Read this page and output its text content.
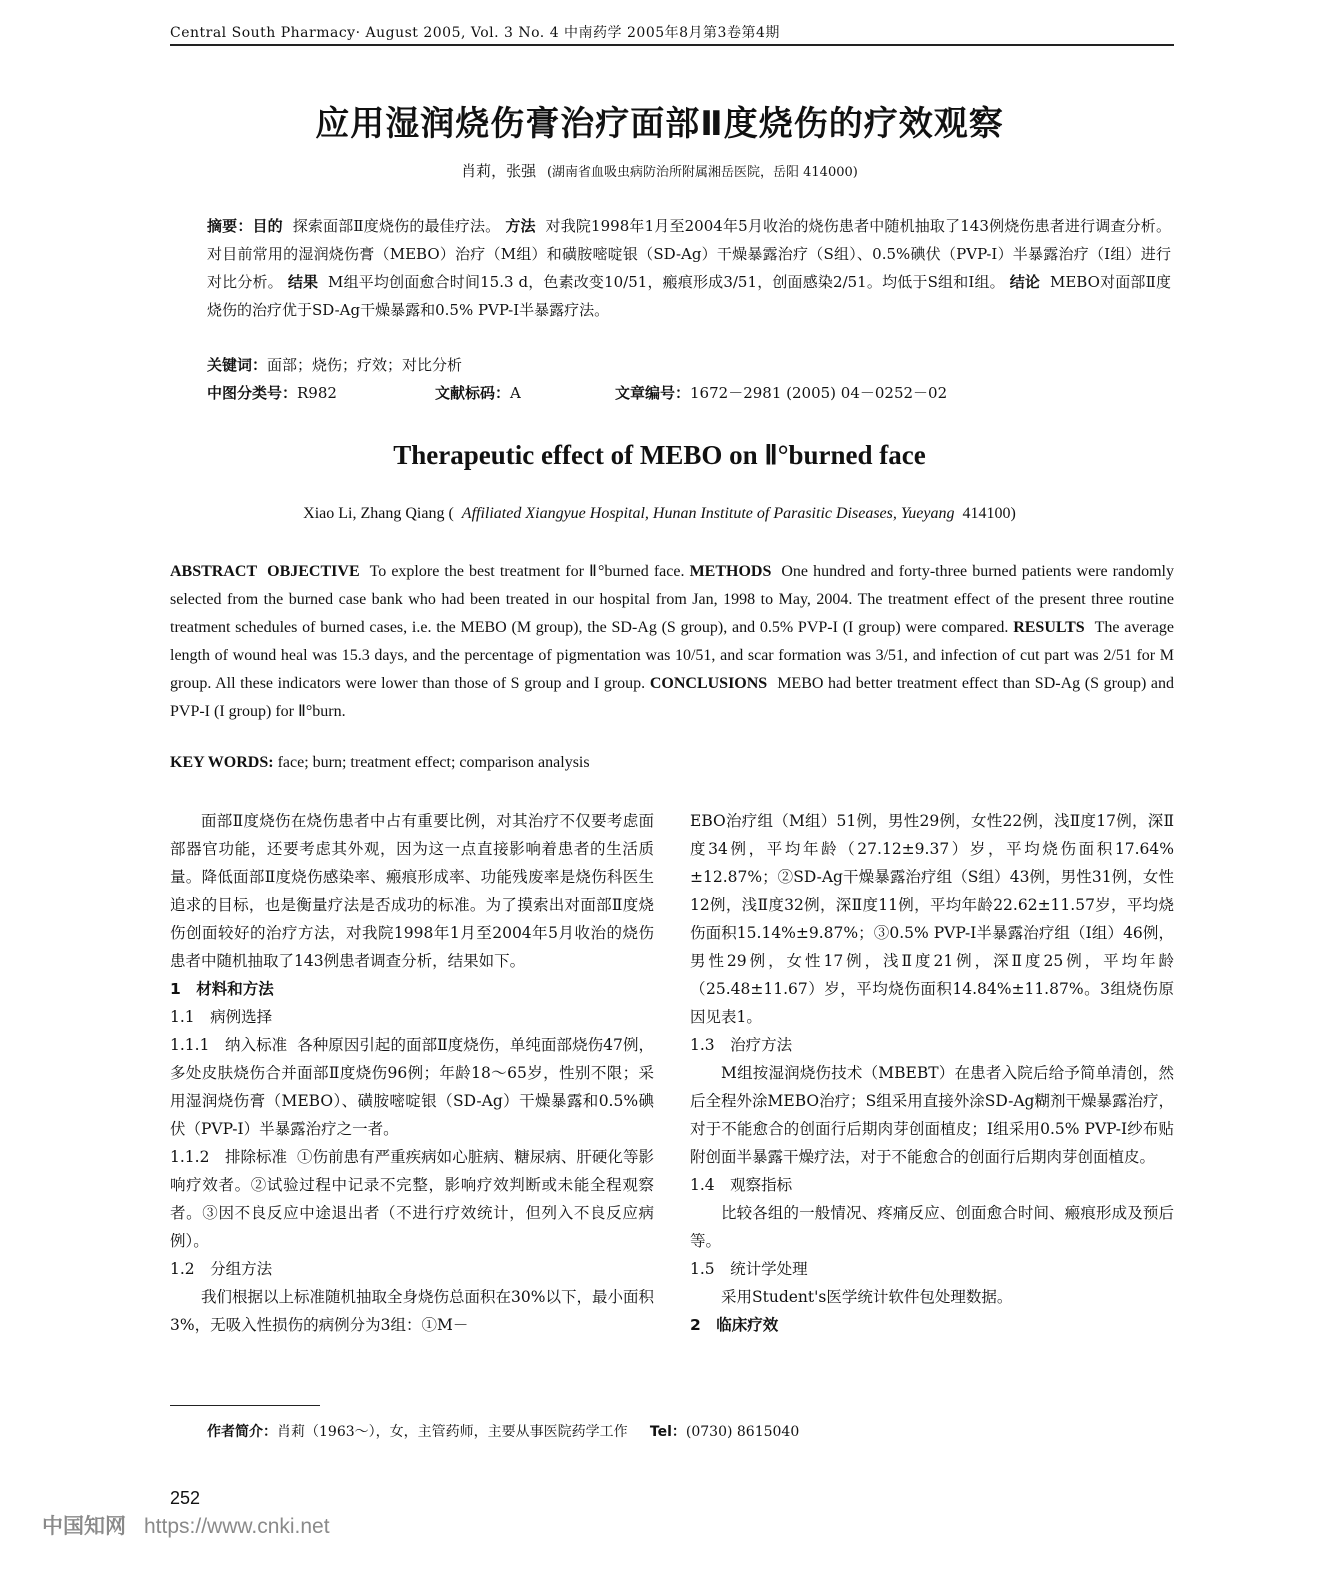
Central South Pharmacy· August 2005, Vol. 3 No. 4 中南药学 2005年8月第3卷第4期
应用湿润烧伤膏治疗面部Ⅱ度烧伤的疗效观察
肖莉，张强 (湖南省血吸虫病防治所附属湘岳医院，岳阳 414000)
摘要：目的 探索面部Ⅱ度烧伤的最佳疗法。 方法 对我院1998年1月至2004年5月收治的烧伤患者中随机抽取了143例烧伤患者进行调查分析。对目前常用的湿润烧伤膏（MEBO）治疗（M组）和磺胺嘧啶银（SD-Ag）干燥暴露治疗（S组）、0.5%碘伏（PVP-I）半暴露治疗（I组）进行对比分析。 结果 M组平均创面愈合时间15.3 d，色素改变10/51，瘢痕形成3/51，创面感染2/51。均低于S组和I组。 结论 MEBO对面部Ⅱ度烧伤的治疗优于SD-Ag干燥暴露和0.5% PVP-I半暴露疗法。
关键词：面部；烧伤；疗效；对比分析
中图分类号：R982	文献标码：A	文章编号：1672－2981 (2005) 04－0252－02
Therapeutic effect of MEBO on Ⅱ°burned face
Xiao Li, Zhang Qiang ( Affiliated Xiangyue Hospital, Hunan Institute of Parasitic Diseases, Yueyang 414100)
ABSTRACT OBJECTIVE To explore the best treatment for Ⅱ°burned face. METHODS One hundred and forty-three burned patients were randomly selected from the burned case bank who had been treated in our hospital from Jan, 1998 to May, 2004. The treatment effect of the present three routine treatment schedules of burned cases, i.e. the MEBO (M group), the SD-Ag (S group), and 0.5% PVP-I (I group) were compared. RESULTS The average length of wound heal was 15.3 days, and the percentage of pigmentation was 10/51, and scar formation was 3/51, and infection of cut part was 2/51 for M group. All these indicators were lower than those of S group and I group. CONCLUSIONS MEBO had better treatment effect than SD-Ag (S group) and PVP-I (I group) for Ⅱ°burn.
KEY WORDS: face; burn; treatment effect; comparison analysis

面部Ⅱ度烧伤在烧伤患者中占有重要比例，对其治疗不仅要考虑面部器官功能，还要考虑其外观，因为这一点直接影响着患者的生活质量。降低面部Ⅱ度烧伤感染率、瘢痕形成率、功能残废率是烧伤科医生追求的目标，也是衡量疗法是否成功的标准。为了摸索出对面部Ⅱ度烧伤创面较好的治疗方法，对我院1998年1月至2004年5月收治的烧伤患者中随机抽取了143例患者调查分析，结果如下。

1　材料和方法

1.1　病例选择

1.1.1　纳入标准 各种原因引起的面部Ⅱ度烧伤，单纯面部烧伤47例，多处皮肤烧伤合并面部Ⅱ度烧伤96例；年龄18～65岁，性别不限；采用湿润烧伤膏（MEBO）、磺胺嘧啶银（SD-Ag）干燥暴露和0.5%碘伏（PVP-I）半暴露治疗之一者。

1.1.2　排除标准 ①伤前患有严重疾病如心脏病、糖尿病、肝硬化等影响疗效者。②试验过程中记录不完整，影响疗效判断或未能全程观察者。③因不良反应中途退出者（不进行疗效统计，但列入不良反应病例）。

1.2　分组方法

我们根据以上标准随机抽取全身烧伤总面积在30%以下，最小面积3%，无吸入性损伤的病例分为3组：①M－

EBO治疗组（M组）51例，男性29例，女性22例，浅Ⅱ度17例，深Ⅱ度34例，平均年龄（27.12±9.37）岁，平均烧伤面积17.64%±12.87%；②SD-Ag干燥暴露治疗组（S组）43例，男性31例，女性12例，浅Ⅱ度32例，深Ⅱ度11例，平均年龄22.62±11.57岁，平均烧伤面积15.14%±9.87%；③0.5% PVP-I半暴露治疗组（I组）46例，男性29例，女性17例，浅Ⅱ度21例，深Ⅱ度25例，平均年龄（25.48±11.67）岁，平均烧伤面积14.84%±11.87%。3组烧伤原因见表1。

1.3　治疗方法

M组按湿润烧伤技术（MBEBT）在患者入院后给予简单清创，然后全程外涂MEBO治疗；S组采用直接外涂SD-Ag糊剂干燥暴露治疗，对于不能愈合的创面行后期肉芽创面植皮；I组采用0.5% PVP-I纱布贴附创面半暴露干燥疗法，对于不能愈合的创面行后期肉芽创面植皮。

1.4　观察指标

比较各组的一般情况、疼痛反应、创面愈合时间、瘢痕形成及预后等。

1.5　统计学处理

采用Student's医学统计软件包处理数据。

2　临床疗效

作者简介：肖莉（1963～），女，主管药师，主要从事医院药学工作 Tel：(0730) 8615040
252
中国知网 https://www.cnki.net
